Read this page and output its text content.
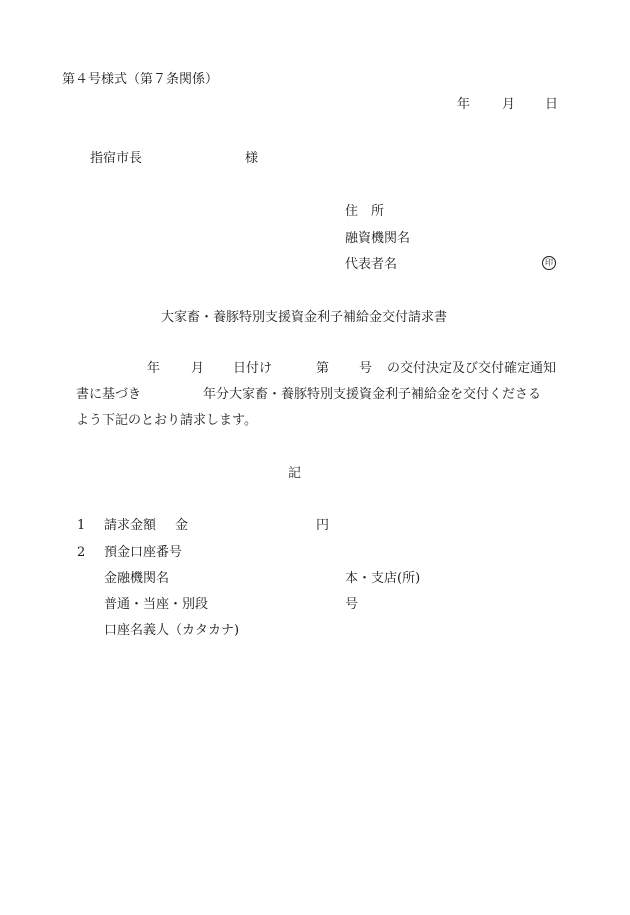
第４号様式（第７条関係）
年 月 日
指宿市長	様
住　所
融資機関名
代表者名	印
大家畜・養豚特別支援資金利子補給金交付請求書
年 月 日付け	第 号 の交付決定及び交付確定通知
書に基づき	年分大家畜・養豚特別支援資金利子補給金を交付くださる
よう下記のとおり請求します。
記
1 請求金額 金	円
2 預金口座番号
金融機関名	本・支店(所)
普通・当座・別段	号
口座名義人（カタカナ)
